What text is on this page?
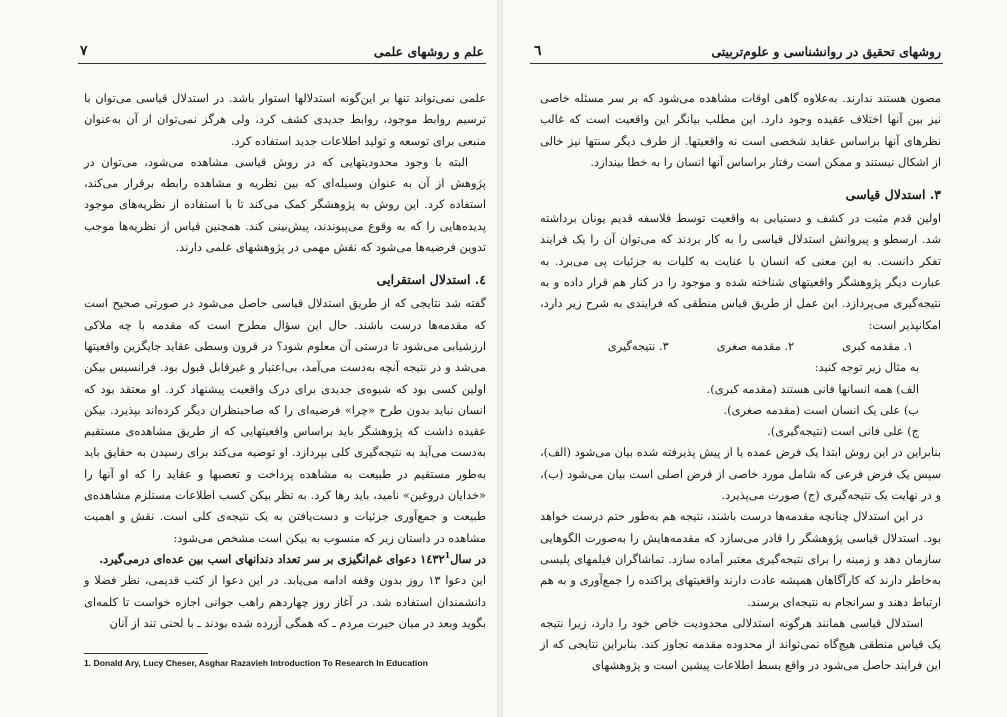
علم و روشهای علمی
۷

علمی نمی‌تواند تنها بر این‌گونه استدلالها استوار باشد. در استدلال قیاسی می‌توان با ترسیم روابط موجود، روابط جدیدی کشف کرد، ولی هرگز نمی‌توان از آن به‌عنوان منبعی برای توسعه و تولید اطلاعات جدید استفاده کرد.

البته با وجود محدودیتهایی که در روش قیاسی مشاهده می‌شود، می‌توان در پژوهش از آن به عنوان وسیله‌ای که بین نظریه و مشاهده رابطه برقرار می‌کند، استفاده کرد. این روش به پژوهشگر کمک می‌کند تا با استفاده از نظریه‌های موجود پدیده‌هایی را که به وقوع می‌پیوندند، پیش‌بینی کند. همچنین قیاس از نظریه‌ها موجب تدوین فرضیه‌ها می‌شود که نقش مهمی در پژوهشهای علمی دارند.

٤. استدلال استقرایی

گفته شد نتایجی که از طریق استدلال قیاسی حاصل می‌شود در صورتی صحیح است که مقدمه‌ها درست باشند. حال این سؤال مطرح است که مقدمه با چه ملاکی ارزشیابی می‌شود تا درستی آن معلوم شود؟ در قرون وسطی عقاید جایگزین واقعیتها می‌شد و در نتیجه آنچه به‌دست می‌آمد، بی‌اعتبار و غیرقابل قبول بود. فرانسیس بیکن اولین کسی بود که شیوه‌ی جدیدی برای درک واقعیت پیشنهاد کرد. او معتقد بود که انسان نباید بدون طرح «چرا» فرضیه‌ای را که صاحبنظران دیگر کرده‌اند بپذیرد. بیکن عقیده داشت که پژوهشگر باید براساس واقعیتهایی که از طریق مشاهده‌ی مستقیم به‌دست می‌آید به نتیجه‌گیری کلی بپردازد. او توصیه می‌کند برای رسیدن به حقایق باید به‌طور مستقیم در طبیعت به مشاهده پرداخت و تعصبها و عقاید را که او آنها را «خدایان دروغین» نامید، باید رها کرد. به نظر بیکن کسب اطلاعات مستلزم مشاهده‌ی طبیعت و جمع‌آوری جزئیات و دست‌یافتن به یک نتیجه‌ی کلی است. نقش و اهمیت مشاهده در داستان زیر که منسوب به بیکن است مشخص می‌شود:

در سال۱٤۳۲$^1$ دعوای غم‌انگیزی بر سر تعداد دندانهای اسب بین عده‌ای درمی‌گیرد.

این دعوا ۱۳ روز بدون وقفه ادامه می‌یابد. در این دعوا از کتب قدیمی، نظر فضلا و دانشمندان استفاده شد. در آغاز روز چهاردهم راهب جوانی اجازه خواست تا کلمه‌ای بگوید وبعد در میان حیرت مردم ـ که همگی آزرده شده بودند ـ با لحنی تند از آنان

1. Donald Ary, Lucy Cheser, Asghar Razavieh Introduction To Research In Education
روشهای تحقیق در روانشناسی و علوم‌تربیتی
٦

مصون هستند ندارند. به‌علاوه گاهی اوقات مشاهده می‌شود که بر سر مسئله خاصی نیز بین آنها اختلاف عقیده وجود دارد. این مطلب بیانگر این واقعیت است که غالب نظرهای آنها براساس عقاید شخصی است نه واقعیتها. از طرف دیگر سنتها نیز خالی از اشکال نیستند و ممکن است رفتار براساس آنها انسان را به خطا بیندازد.

۳. استدلال قیاسی

اولین قدم مثبت در کشف و دستیابی به واقعیت توسط فلاسفه قدیم یونان برداشته شد. ارسطو و پیروانش استدلال قیاسی را به کار بردند که می‌توان آن را یک فرایند تفکر دانست. به این معنی که انسان با عنایت به کلیات به جزئیات پی می‌برد. به عبارت دیگر پژوهشگر واقعیتهای شناخته شده و موجود را در کنار هم قرار داده و به نتیجه‌گیری می‌پردازد. این عمل از طریق قیاس منطقی که فرایندی به شرح زیر دارد، امکانپذیر است:

۱. مقدمه کبری
۲. مقدمه صغری
۳. نتیجه‌گیری

به مثال زیر توجه کنید:

الف) همه انسانها فانی هستند (مقدمه کبری).

ب) علی یک انسان است (مقدمه صغری).

ج) علی فانی است (نتیجه‌گیری).

بنابراین در این روش ابتدا یک فرض عمده یا از پیش پذیرفته شده بیان می‌شود (الف)، سپس یک فرض فرعی که شامل مورد خاصی از فرض اصلی است بیان می‌شود (ب)، و در نهایت یک نتیجه‌گیری (ج) صورت می‌پذیرد.

در این استدلال چنانچه مقدمه‌ها درست باشند، نتیجه هم به‌طور حتم درست خواهد بود. استدلال قیاسی پژوهشگر را قادر می‌سازد که مقدمه‌هایش را به‌صورت الگوهایی سازمان دهد و زمینه را برای نتیجه‌گیری معتبر آماده سازد. تماشاگران فیلمهای پلیسی به‌خاطر دارند که کارآگاهان همیشه عادت دارند واقعیتهای پراکنده را جمع‌آوری و به هم ارتباط دهند و سرانجام به نتیجه‌ای برسند.

استدلال قیاسی همانند هرگونه استدلالی محدودیت خاص خود را دارد، زیرا نتیجه یک قیاس منطقی هیچ‌گاه نمی‌تواند از محدوده مقدمه تجاوز کند. بنابراین نتایجی که از این فرایند حاصل می‌شود در واقع بسط اطلاعات پیشین است و پژوهشهای
